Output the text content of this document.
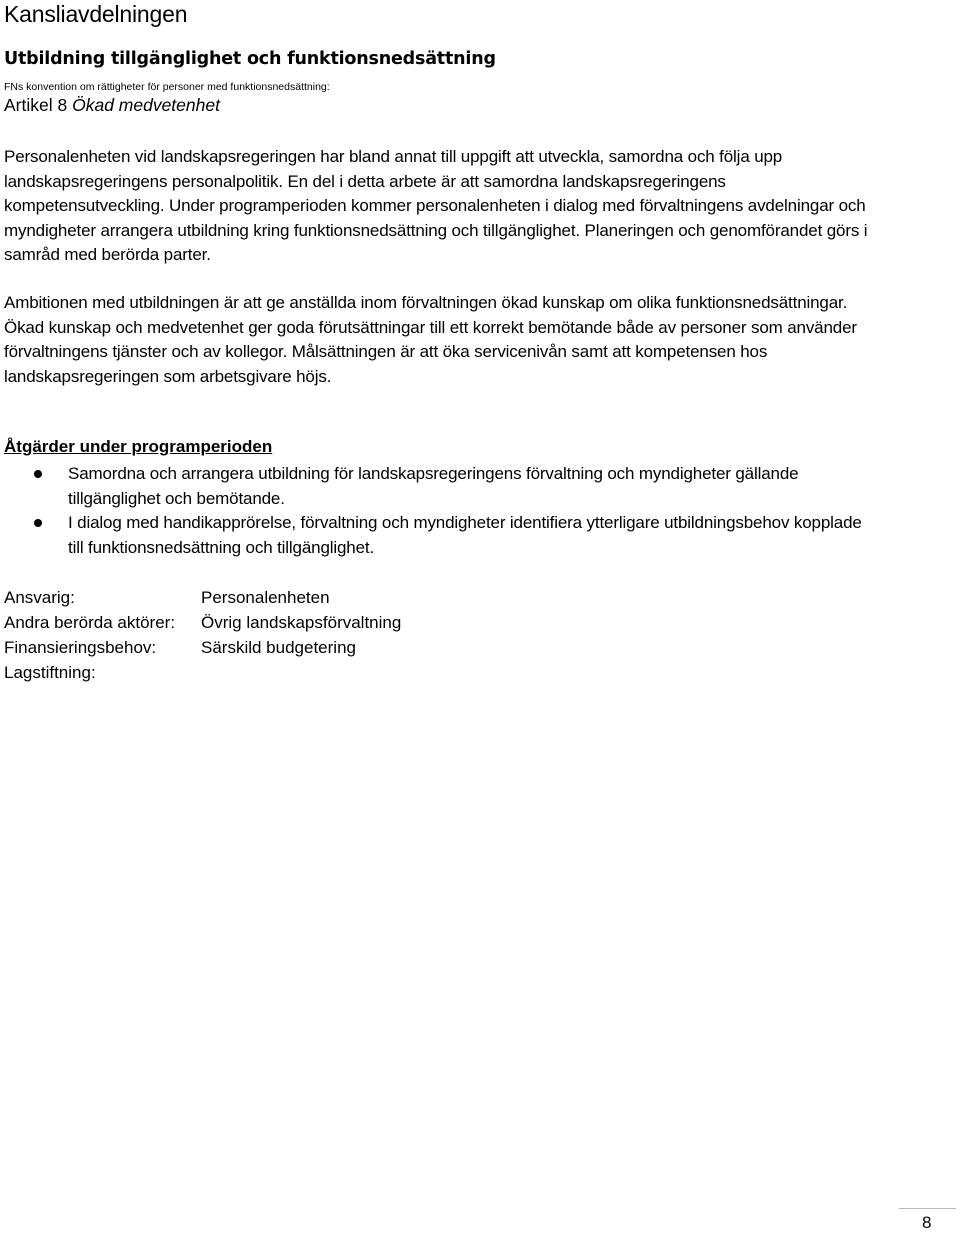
Kansliavdelningen
Utbildning tillgänglighet och funktionsnedsättning
FNs konvention om rättigheter för personer med funktionsnedsättning:
Artikel 8 Ökad medvetenhet
Personalenheten vid landskapsregeringen har bland annat till uppgift att utveckla, samordna och följa upp landskapsregeringens personalpolitik. En del i detta arbete är att samordna landskapsregeringens kompetensutveckling. Under programperioden kommer personalenheten i dialog med förvaltningens avdelningar och myndigheter arrangera utbildning kring funktionsnedsättning och tillgänglighet. Planeringen och genomförandet görs i samråd med berörda parter.
Ambitionen med utbildningen är att ge anställda inom förvaltningen ökad kunskap om olika funktionsnedsättningar. Ökad kunskap och medvetenhet ger goda förutsättningar till ett korrekt bemötande både av personer som använder förvaltningens tjänster och av kollegor. Målsättningen är att öka servicenivån samt att kompetensen hos landskapsregeringen som arbetsgivare höjs.
Åtgärder under programperioden
Samordna och arrangera utbildning för landskapsregeringens förvaltning och myndigheter gällande tillgänglighet och bemötande.
I dialog med handikapprörelse, förvaltning och myndigheter identifiera ytterligare utbildningsbehov kopplade till funktionsnedsättning och tillgänglighet.
Ansvarig:	Personalenheten
Andra berörda aktörer:	Övrig landskapsförvaltning
Finansieringsbehov:	Särskild budgetering
Lagstiftning:
8
